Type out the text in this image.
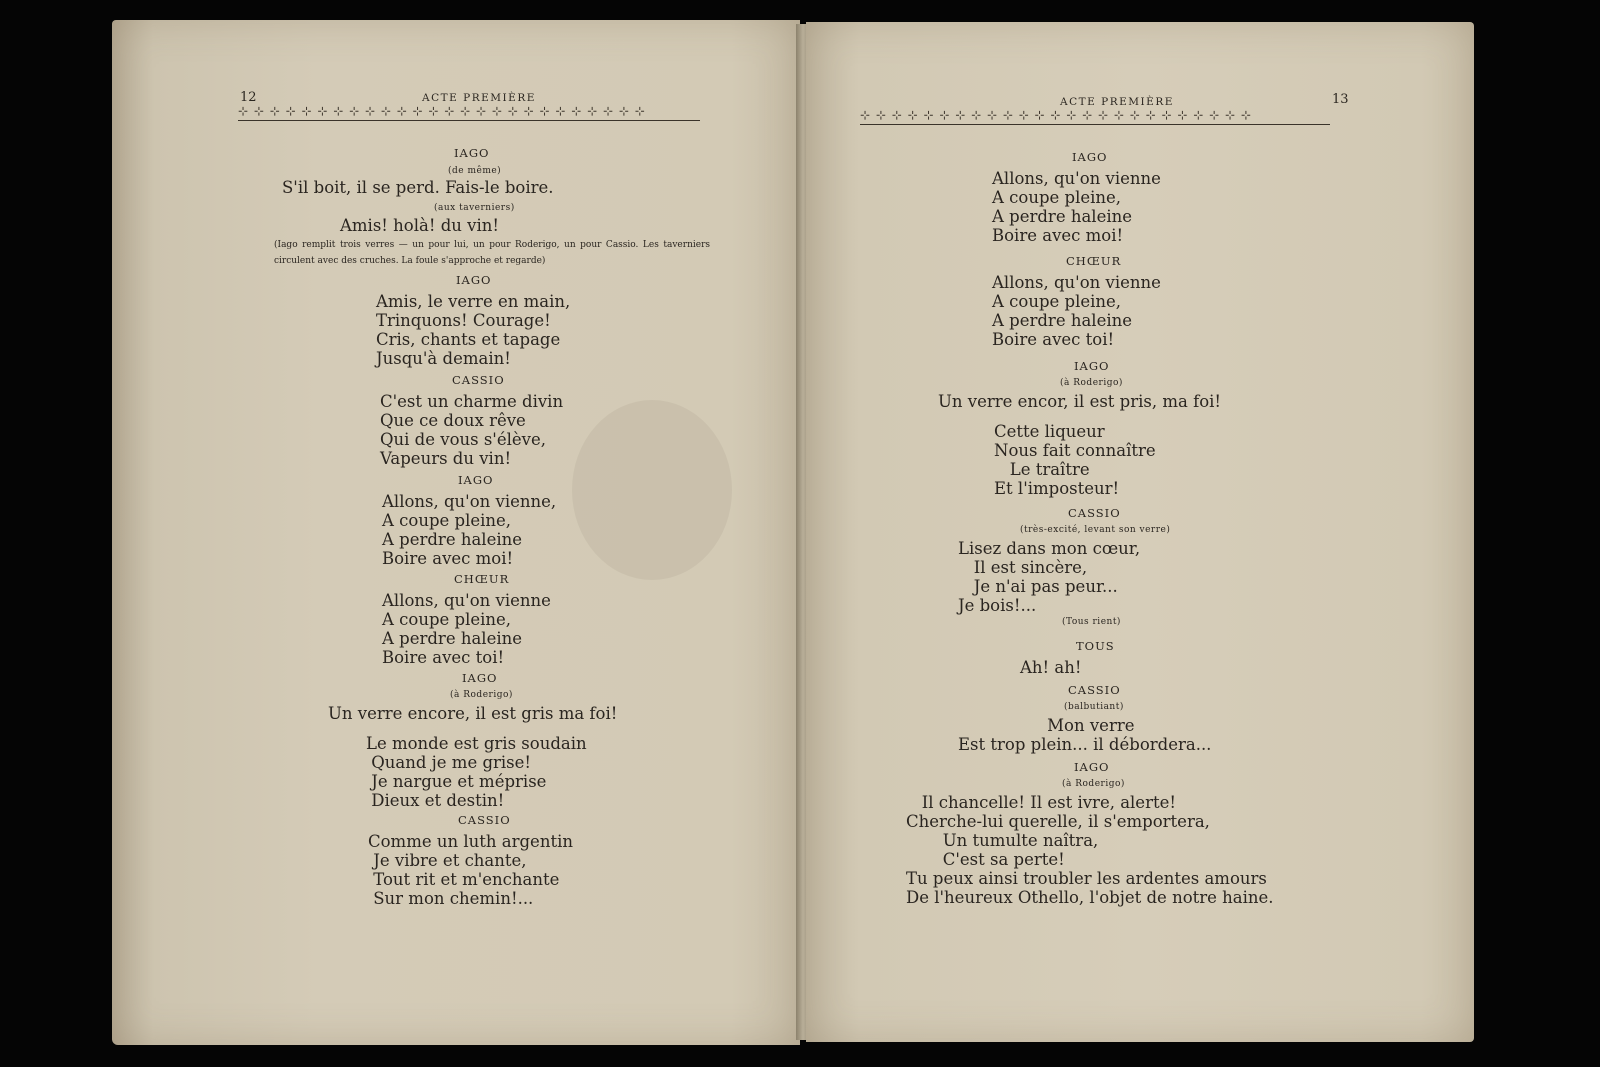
12	ACTE PREMIÈRE
⊹ ⊹ ⊹ ⊹ ⊹ ⊹ ⊹ ⊹ ⊹ ⊹ ⊹ ⊹ ⊹ ⊹ ⊹ ⊹ ⊹ ⊹ ⊹ ⊹ ⊹ ⊹ ⊹ ⊹ ⊹ ⊹
IAGO
(de même)
S'il boit, il se perd. Fais-le boire.
(aux taverniers)
Amis! holà! du vin!
(Iago remplit trois verres — un pour lui, un pour Roderigo, un pour Cassio. Les taverniers circulent avec des cruches. La foule s'approche et regarde)
IAGO
Amis, le verre en main,
Trinquons! Courage!
Cris, chants et tapage
Jusqu'à demain!
CASSIO
C'est un charme divin
Que ce doux rêve
Qui de vous s'élève,
Vapeurs du vin!
IAGO
Allons, qu'on vienne,
A coupe pleine,
A perdre haleine
Boire avec moi!
CHŒUR
Allons, qu'on vienne
A coupe pleine,
A perdre haleine
Boire avec toi!
IAGO
(à Roderigo)
Un verre encore, il est gris ma foi!
Le monde est gris soudain
Quand je me grise!
Je nargue et méprise
Dieux et destin!
CASSIO
Comme un luth argentin
Je vibre et chante,
Tout rit et m'enchante
Sur mon chemin!...
ACTE PREMIÈRE	13
⊹ ⊹ ⊹ ⊹ ⊹ ⊹ ⊹ ⊹ ⊹ ⊹ ⊹ ⊹ ⊹ ⊹ ⊹ ⊹ ⊹ ⊹ ⊹ ⊹ ⊹ ⊹ ⊹ ⊹ ⊹
IAGO
Allons, qu'on vienne
A coupe pleine,
A perdre haleine
Boire avec moi!
CHŒUR
Allons, qu'on vienne
A coupe pleine,
A perdre haleine
Boire avec toi!
IAGO
(à Roderigo)
Un verre encor, il est pris, ma foi!
Cette liqueur
Nous fait connaître
Le traître
Et l'imposteur!
CASSIO
(très-excité, levant son verre)
Lisez dans mon cœur,
Il est sincère,
Je n'ai pas peur...
Je bois!...
(Tous rient)
TOUS
Ah! ah!
CASSIO
(balbutiant)
Mon verre
Est trop plein... il débordera...
IAGO
(à Roderigo)
Il chancelle! Il est ivre, alerte!
Cherche-lui querelle, il s'emportera,
Un tumulte naîtra,
C'est sa perte!
Tu peux ainsi troubler les ardentes amours
De l'heureux Othello, l'objet de notre haine.
